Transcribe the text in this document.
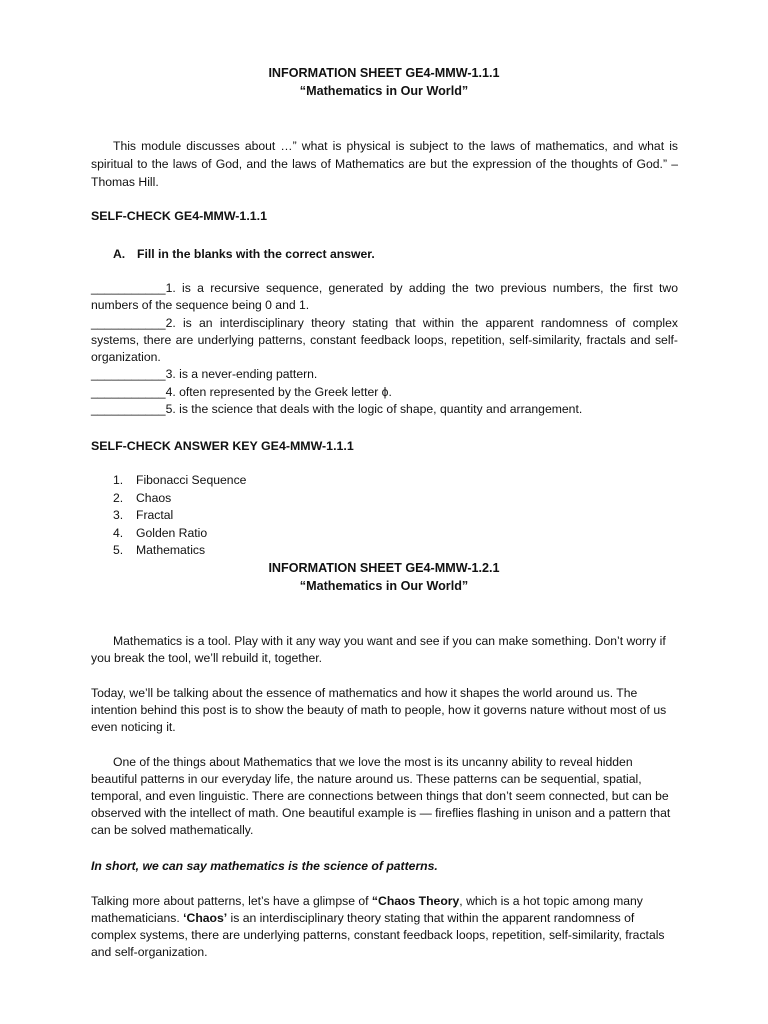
INFORMATION SHEET GE4-MMW-1.1.1
“Mathematics in Our World”

This module discusses about …” what is physical is subject to the laws of mathematics, and what is spiritual to the laws of God, and the laws of Mathematics are but the expression of the thoughts of God.” – Thomas Hill.

SELF-CHECK GE4-MMW-1.1.1
A. Fill in the blanks with the correct answer.

___________1. is a recursive sequence, generated by adding the two previous numbers, the first two numbers of the sequence being 0 and 1.

___________2. is an interdisciplinary theory stating that within the apparent randomness of complex systems, there are underlying patterns, constant feedback loops, repetition, self-similarity, fractals and self-organization.

___________3. is a never-ending pattern.

___________4. often represented by the Greek letter ϕ.

___________5. is the science that deals with the logic of shape, quantity and arrangement.

SELF-CHECK ANSWER KEY GE4-MMW-1.1.1
1. Fibonacci Sequence
2. Chaos
3. Fractal
4. Golden Ratio
5. Mathematics
INFORMATION SHEET GE4-MMW-1.2.1
“Mathematics in Our World”

Mathematics is a tool. Play with it any way you want and see if you can make something. Don’t worry if you break the tool, we’ll rebuild it, together.

Today, we’ll be talking about the essence of mathematics and how it shapes the world around us. The intention behind this post is to show the beauty of math to people, how it governs nature without most of us even noticing it.

One of the things about Mathematics that we love the most is its uncanny ability to reveal hidden beautiful patterns in our everyday life, the nature around us. These patterns can be sequential, spatial, temporal, and even linguistic. There are connections between things that don’t seem connected, but can be observed with the intellect of math. One beautiful example is — fireflies flashing in unison and a pattern that can be solved mathematically.

In short, we can say mathematics is the science of patterns.

Talking more about patterns, let’s have a glimpse of “Chaos Theory, which is a hot topic among many mathematicians. ‘Chaos’ is an interdisciplinary theory stating that within the apparent randomness of complex systems, there are underlying patterns, constant feedback loops, repetition, self-similarity, fractals and self-organization.
